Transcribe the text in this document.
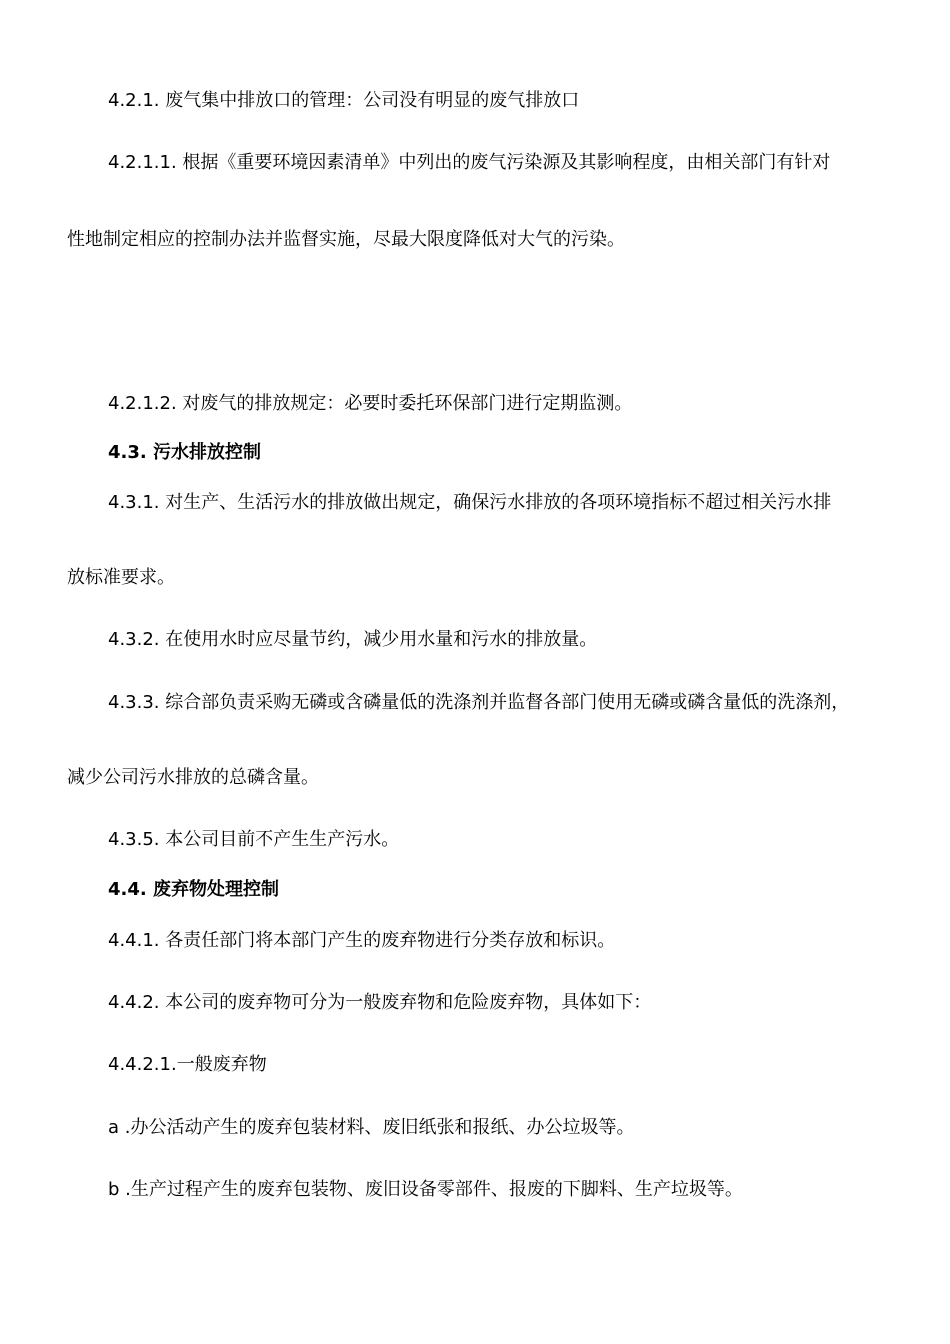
4.2.1. 废气集中排放口的管理：公司没有明显的废气排放口
4.2.1.1. 根据《重要环境因素清单》中列出的废气污染源及其影响程度，由相关部门有针对
性地制定相应的控制办法并监督实施，尽最大限度降低对大气的污染。
4.2.1.2. 对废气的排放规定：必要时委托环保部门进行定期监测。
4.3. 污水排放控制
4.3.1. 对生产、生活污水的排放做出规定，确保污水排放的各项环境指标不超过相关污水排
放标准要求。
4.3.2. 在使用水时应尽量节约，减少用水量和污水的排放量。
4.3.3. 综合部负责采购无磷或含磷量低的洗涤剂并监督各部门使用无磷或磷含量低的洗涤剂，
减少公司污水排放的总磷含量。
4.3.5. 本公司目前不产生生产污水。
4.4. 废弃物处理控制
4.4.1. 各责任部门将本部门产生的废弃物进行分类存放和标识。
4.4.2. 本公司的废弃物可分为一般废弃物和危险废弃物，具体如下：
4.4.2.1.一般废弃物
a .办公活动产生的废弃包装材料、废旧纸张和报纸、办公垃圾等。
b .生产过程产生的废弃包装物、废旧设备零部件、报废的下脚料、生产垃圾等。
